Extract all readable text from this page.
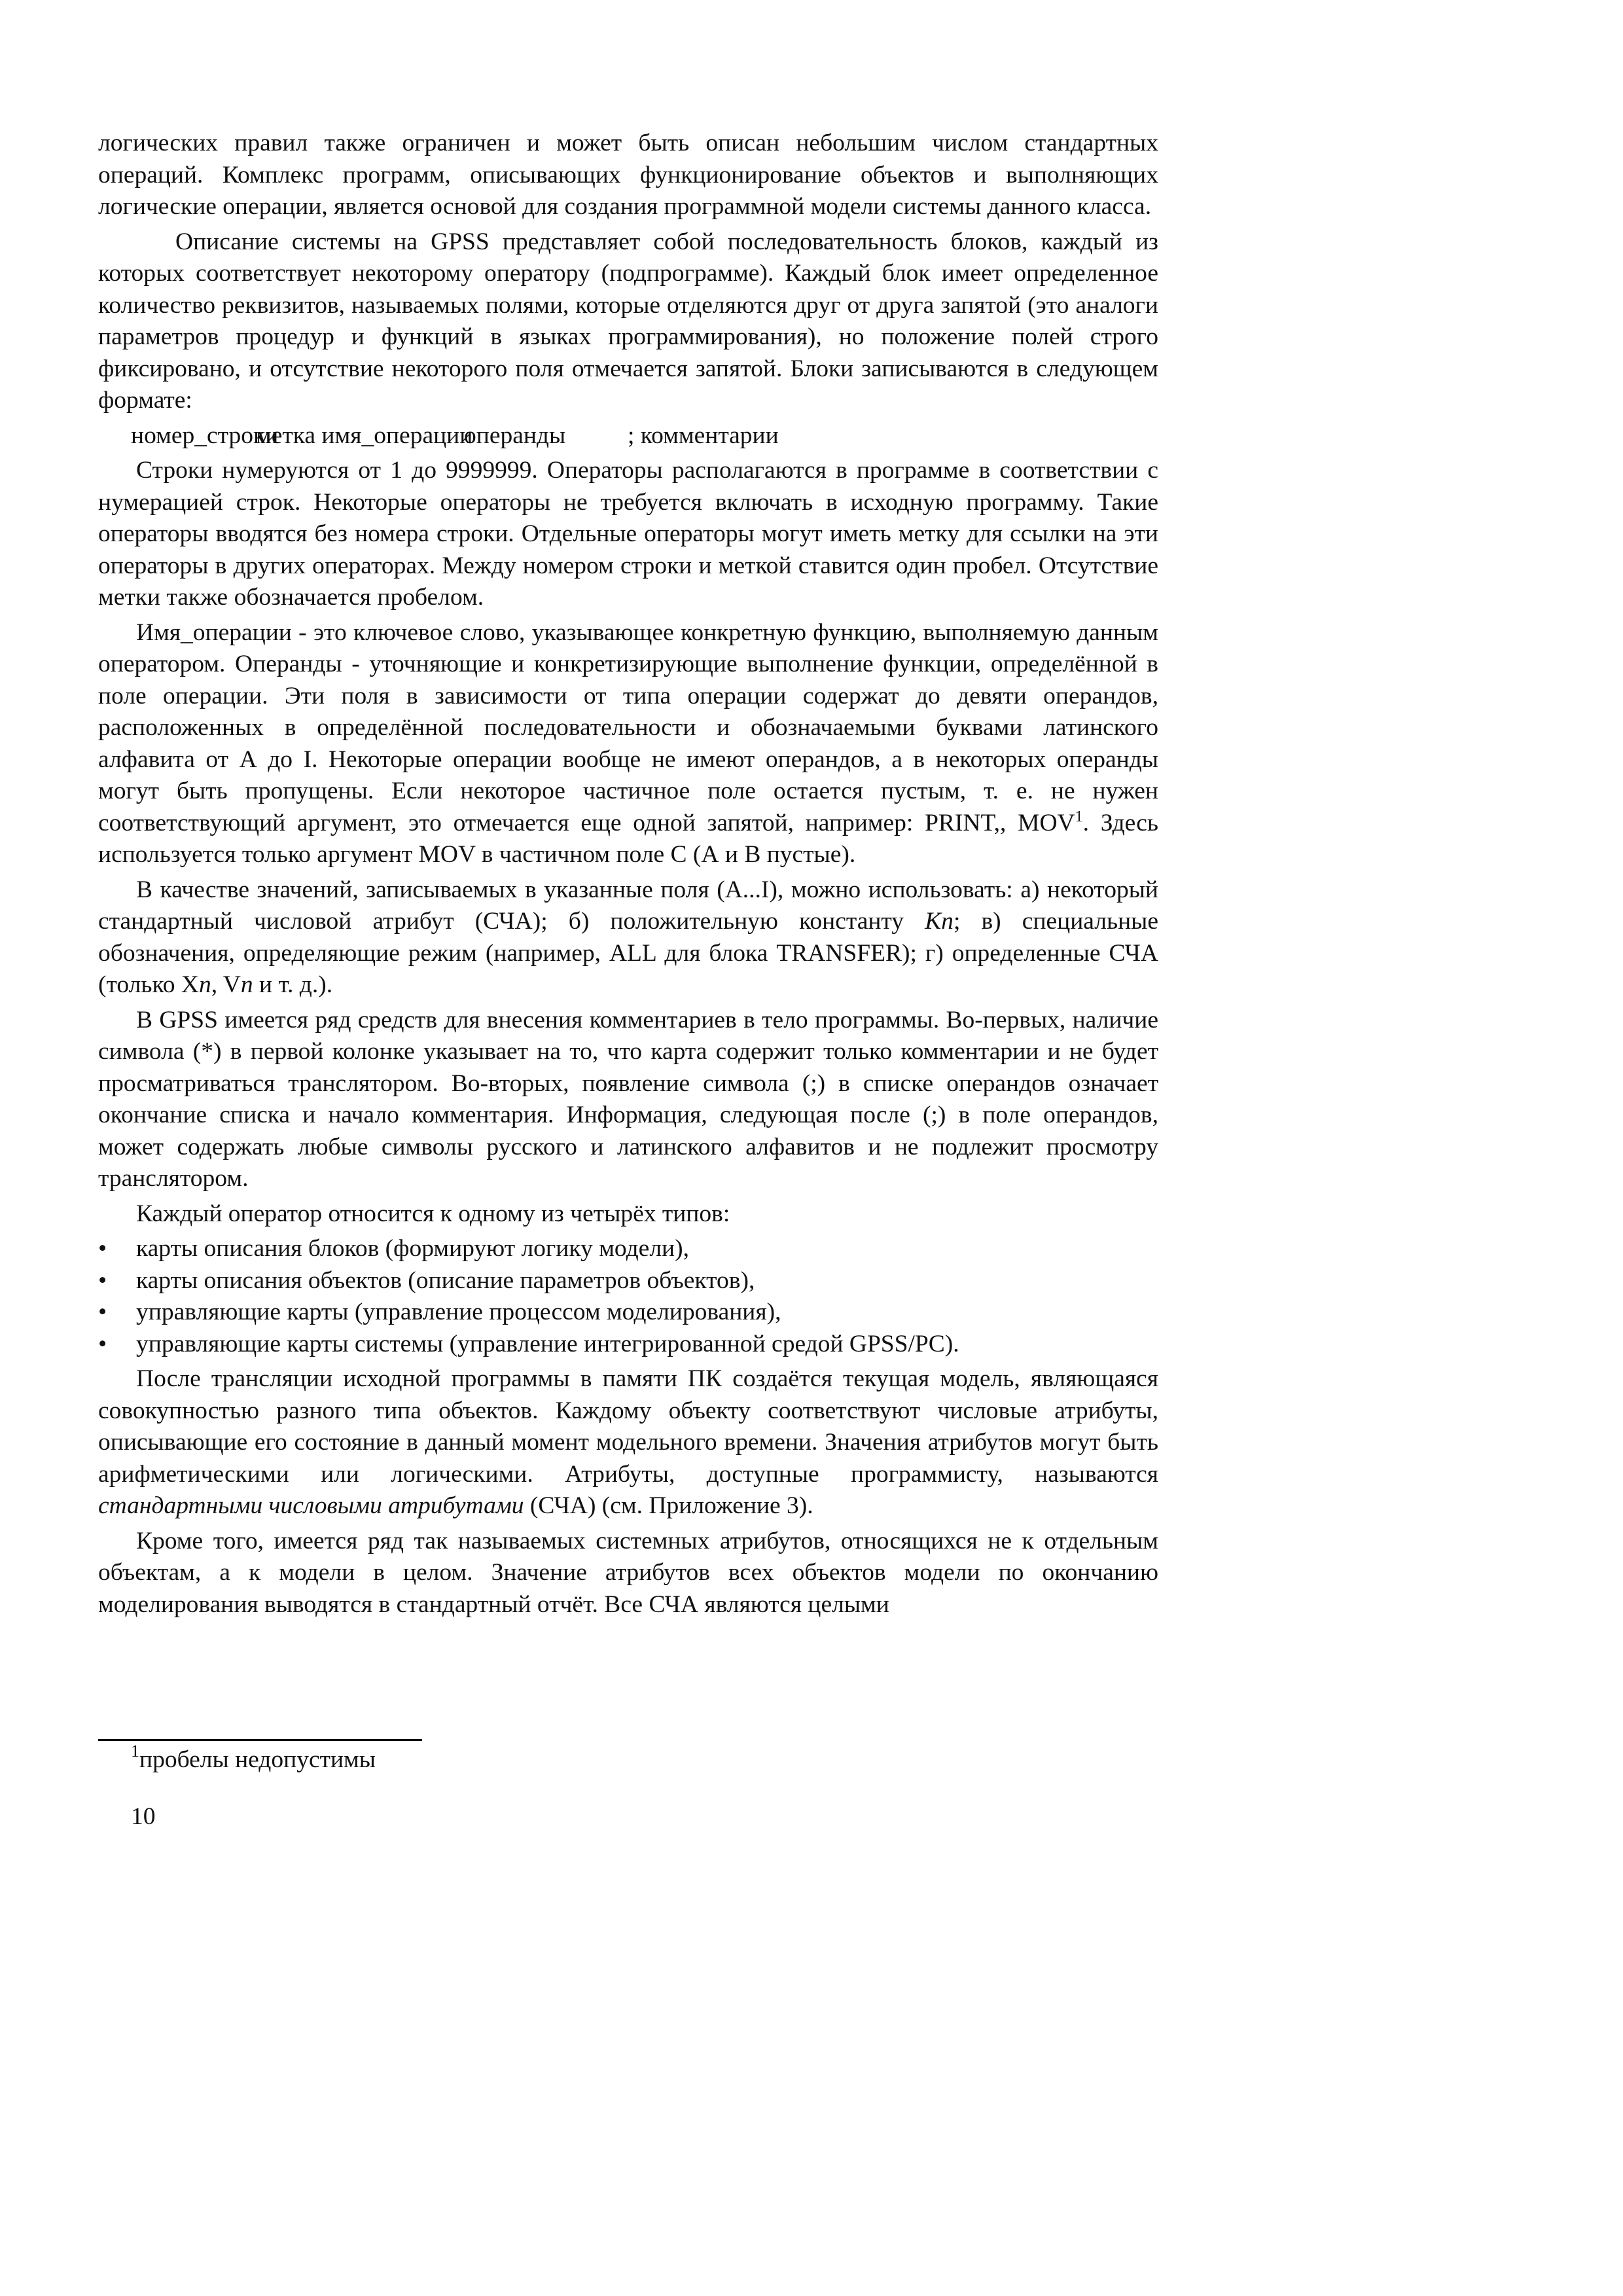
логических правил также ограничен и может быть описан небольшим числом стандартных операций. Комплекс программ, описывающих функционирование объектов и выполняющих логические операции, является основой для создания программной модели системы данного класса.

Описание системы на GPSS представляет собой последовательность блоков, каждый из которых соответствует некоторому оператору (подпрограмме). Каждый блок имеет определенное количество реквизитов, называемых полями, которые отделяются друг от друга запятой (это аналоги параметров процедур и функций в языках программирования), но положение полей строго фиксировано, и отсутствие некоторого поля отмечается запятой. Блоки записываются в следующем формате:

номер_строкиметка имя_операцииоперанды	; комментарии

Строки нумеруются от 1 до 9999999. Операторы располагаются в программе в соответствии с нумерацией строк. Некоторые операторы не требуется включать в исходную программу. Такие операторы вводятся без номера строки. Отдельные операторы могут иметь метку для ссылки на эти операторы в других операторах. Между номером строки и меткой ставится один пробел. Отсутствие метки также обозначается пробелом.

Имя_операции - это ключевое слово, указывающее конкретную функцию, выполняемую данным оператором. Операнды - уточняющие и конкретизирующие выполнение функции, определённой в поле операции. Эти поля в зависимости от типа операции содержат до девяти операндов, расположенных в определённой последовательности и обозначаемыми буквами латинского алфавита от А до I. Некоторые операции вообще не имеют операндов, а в некоторых операнды могут быть пропущены. Если некоторое частичное поле остается пустым, т. е. не нужен соответствующий аргумент, это отмечается еще одной запятой, например: PRINT,, MOV$^1$. Здесь используется только аргумент MOV в частичном поле С (А и В пустые).

В качестве значений, записываемых в указанные поля (A...I), можно использовать: а) некоторый стандартный числовой атрибут (СЧА); б) положительную константу Kn; в) специальные обозначения, определяющие режим (например, ALL для блока TRANSFER); г) определенные СЧА (только Xn, Vn и т. д.).

В GPSS имеется ряд средств для внесения комментариев в тело программы. Во-первых, наличие символа (*) в первой колонке указывает на то, что карта содержит только комментарии и не будет просматриваться транслятором. Во-вторых, появление символа (;) в списке операндов означает окончание списка и начало комментария. Информация, следующая после (;) в поле операндов, может содержать любые символы русского и латинского алфавитов и не подлежит просмотру транслятором.

Каждый оператор относится к одному из четырёх типов:

• карты описания блоков (формируют логику модели),
• карты описания объектов (описание параметров объектов),
• управляющие карты (управление процессом моделирования),
• управляющие карты системы (управление интегрированной средой GPSS/PC).

После трансляции исходной программы в памяти ПК создаётся текущая модель, являющаяся совокупностью разного типа объектов. Каждому объекту соответствуют числовые атрибуты, описывающие его состояние в данный момент модельного времени. Значения атрибутов могут быть арифметическими или логическими. Атрибуты, доступные программисту, называются стандартными числовыми атрибутами (СЧА) (см. Приложение 3).

Кроме того, имеется ряд так называемых системных атрибутов, относящихся не к отдельным объектам, а к модели в целом. Значение атрибутов всех объектов модели по окончанию моделирования выводятся в стандартный отчёт. Все СЧА являются целыми

$^1$пробелы недопустимы
10
